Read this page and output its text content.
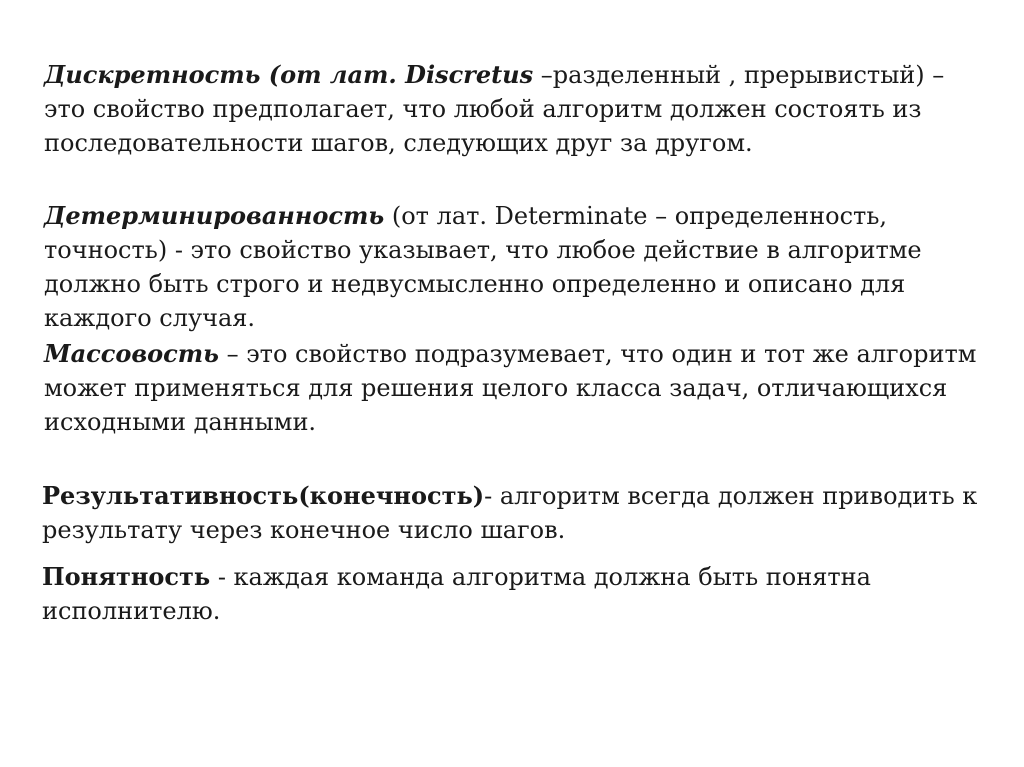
Дискретность (от лат. Discretus –разделенный , прерывистый) –
это свойство предполагает, что любой алгоритм должен состоять из
последовательности шагов, следующих друг за другом.

Детерминированность (от лат. Determinate – определенность,
точность) - это свойство указывает, что любое действие в алгоритме
должно быть строго и недвусмысленно определенно и описано для
каждого случая.

Массовость – это свойство подразумевает, что один и тот же алгоритм
может применяться для решения целого класса задач, отличающихся
исходными данными.

Результативность(конечность)- алгоритм всегда должен приводить к
результату через конечное число шагов.

Понятность - каждая команда алгоритма должна быть понятна
исполнителю.
